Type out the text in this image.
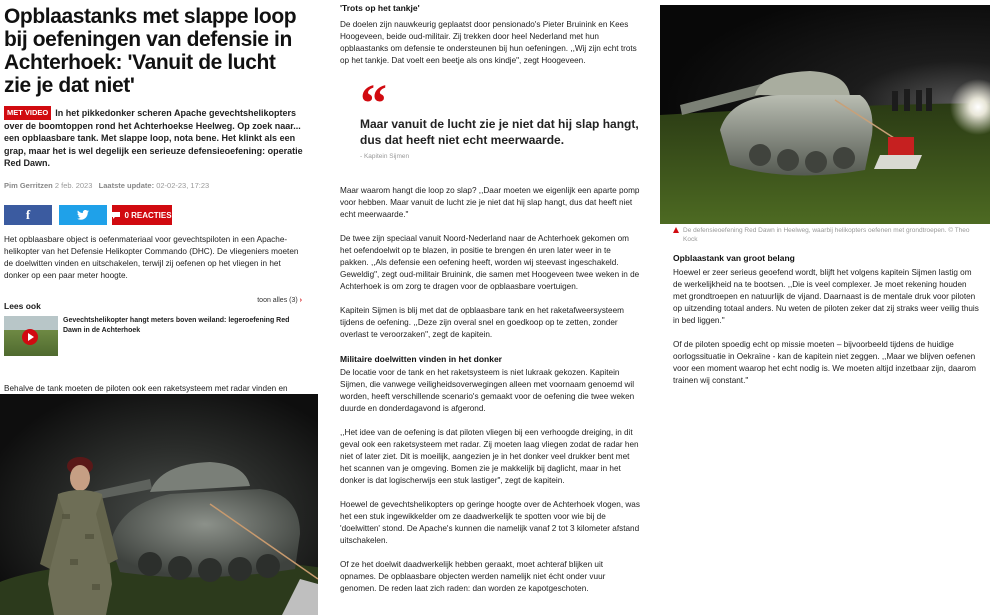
Opblaastanks met slappe loop bij oefeningen van defensie in Achterhoek: 'Vanuit de lucht zie je dat niet'

MET VIDEO In het pikkedonker scheren Apache gevechtshelikopters over de boomtoppen rond het Achterhoekse Heelweg. Op zoek naar... een opblaasbare tank. Met slappe loop, nota bene. Het klinkt als een grap, maar het is wel degelijk een serieuze defensieoefening: operatie Red Dawn.

Pim Gerritzen 2 feb. 2023 Laatste update: 02-02-23, 17:23
f	0 REACTIES

Het opblaasbare object is oefenmateriaal voor gevechtspiloten in een Apache-helikopter van het Defensie Helikopter Commando (DHC). De vliegeniers moeten de doelwitten vinden en uitschakelen, terwijl zij oefenen op het vliegen in het donker op een paar meter hoogte.

Lees ook
toon alles (3) ›
Gevechtshelikopter hangt meters boven weiland: legeroefening Red Dawn in de Achterhoek

Behalve de tank moeten de piloten ook een raketsysteem met radar vinden en

'Trots op het tankje'

De doelen zijn nauwkeurig geplaatst door pensionado's Pieter Bruinink en Kees Hoogeveen, beide oud-militair. Zij trekken door heel Nederland met hun opblaastanks om defensie te ondersteunen bij hun oefeningen. ,,Wij zijn echt trots op het tankje. Dat voelt een beetje als ons kindje", zegt Hoogeveen.

“
Maar vanuit de lucht zie je niet dat hij slap hangt, dus dat heeft niet echt meerwaarde.
- Kapitein Sijmen

Maar waarom hangt die loop zo slap? ,,Daar moeten we eigenlijk een aparte pomp voor hebben. Maar vanuit de lucht zie je niet dat hij slap hangt, dus dat heeft niet echt meerwaarde."

De twee zijn speciaal vanuit Noord-Nederland naar de Achterhoek gekomen om het oefendoelwit op te blazen, in positie te brengen én uren later weer in te pakken. ,,Als defensie een oefening heeft, worden wij steevast ingeschakeld. Geweldig", zegt oud-militair Bruinink, die samen met Hoogeveen twee weken in de Achterhoek is om zorg te dragen voor de opblaasbare voertuigen.

Kapitein Sijmen is blij met dat de opblaasbare tank en het raketafweersysteem tijdens de oefening. ,,Deze zijn overal snel en goedkoop op te zetten, zonder overlast te veroorzaken", zegt de kapitein.

Militaire doelwitten vinden in het donker

De locatie voor de tank en het raketsysteem is niet lukraak gekozen. Kapitein Sijmen, die vanwege veiligheidsoverwegingen alleen met voornaam genoemd wil worden, heeft verschillende scenario's gemaakt voor de oefening die twee weken duurde en donderdagavond is afgerond.

,,Het idee van de oefening is dat piloten vliegen bij een verhoogde dreiging, in dit geval ook een raketsysteem met radar. Zij moeten laag vliegen zodat de radar hen niet of later ziet. Dit is moeilijk, aangezien je in het donker veel drukker bent met het scannen van je omgeving. Bomen zie je makkelijk bij daglicht, maar in het donker is dat logischerwijs een stuk lastiger", zegt de kapitein.

Hoewel de gevechtshelikopters op geringe hoogte over de Achterhoek vlogen, was het een stuk ingewikkelder om ze daadwerkelijk te spotten voor wie bij de 'doelwitten' stond. De Apache's kunnen die namelijk vanaf 2 tot 3 kilometer afstand uitschakelen.

Of ze het doelwit daadwerkelijk hebben geraakt, moet achteraf blijken uit opnames. De opblaasbare objecten werden namelijk niet écht onder vuur genomen. De reden laat zich raden: dan worden ze kapotgeschoten.

De defensieoefening Red Dawn in Heelweg, waarbij helikopters oefenen met grondtroepen. © Theo Kock
Opblaastank van groot belang

Hoewel er zeer serieus geoefend wordt, blijft het volgens kapitein Sijmen lastig om de werkelijkheid na te bootsen. ,,Die is veel complexer. Je moet rekening houden met grondtroepen en natuurlijk de vijand. Daarnaast is de mentale druk voor piloten op uitzending totaal anders. Nu weten de piloten zeker dat zij straks weer veilig thuis in bed liggen."

Of de piloten spoedig echt op missie moeten – bijvoorbeeld tijdens de huidige oorlogssituatie in Oekraïne - kan de kapitein niet zeggen. ,,Maar we blijven oefenen voor een moment waarop het echt nodig is. We moeten altijd inzetbaar zijn, daarom trainen wij constant."
